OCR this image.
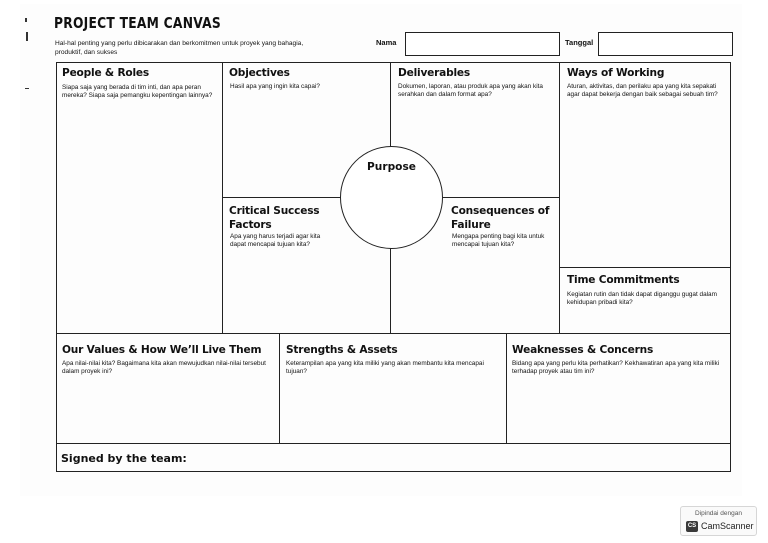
PROJECT TEAM CANVAS
Hal-hal penting yang perlu dibicarakan dan berkomitmen untuk proyek yang bahagia, produktif, dan sukses
Nama	Tanggal
People & Roles
Siapa saja yang berada di tim inti, dan apa peran mereka? Siapa saja pemangku kepentingan lainnya?
Objectives
Hasil apa yang ingin kita capai?
Deliverables
Dokumen, laporan, atau produk apa yang akan kita serahkan dan dalam format apa?
Ways of Working
Aturan, aktivitas, dan perilaku apa yang kita sepakati agar dapat bekerja dengan baik sebagai sebuah tim?
Critical Success Factors
Apa yang harus terjadi agar kita dapat mencapai tujuan kita?
Consequences of Failure
Mengapa penting bagi kita untuk mencapai tujuan kita?
Purpose
Time Commitments
Kegiatan rutin dan tidak dapat diganggu gugat dalam kehidupan pribadi kita?
Our Values & How We’ll Live Them
Apa nilai-nilai kita? Bagaimana kita akan mewujudkan nilai-nilai tersebut dalam proyek ini?
Strengths & Assets
Keterampilan apa yang kita miliki yang akan membantu kita mencapai tujuan?
Weaknesses & Concerns
Bidang apa yang perlu kita perhatikan? Kekhawatiran apa yang kita miliki terhadap proyek atau tim ini?
Signed by the team:
Dipindai dengan
CS CamScanner
